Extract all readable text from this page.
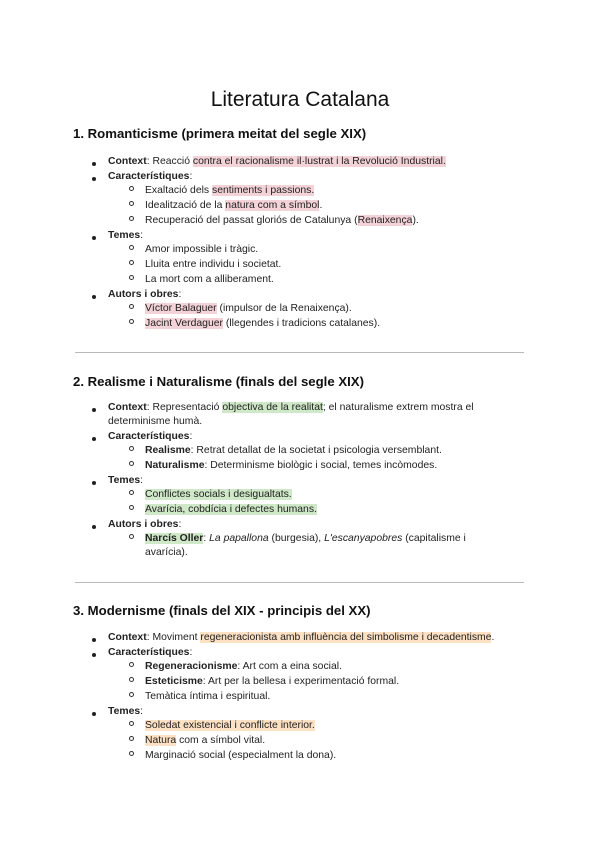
Literatura Catalana
1. Romanticisme (primera meitat del segle XIX)
Context: Reacció contra el racionalisme il·lustrat i la Revolució Industrial.
Característiques:
Exaltació dels sentiments i passions.
Idealització de la natura com a símbol.
Recuperació del passat gloriós de Catalunya (Renaixença).
Temes:
Amor impossible i tràgic.
Lluita entre individu i societat.
La mort com a alliberament.
Autors i obres:
Víctor Balaguer (impulsor de la Renaixença).
Jacint Verdaguer (llegendes i tradicions catalanes).
2. Realisme i Naturalisme (finals del segle XIX)
Context: Representació objectiva de la realitat; el naturalisme extrem mostra el
determinisme humà.
Característiques:
Realisme: Retrat detallat de la societat i psicologia versemblant.
Naturalisme: Determinisme biològic i social, temes incòmodes.
Temes:
Conflictes socials i desigualtats.
Avarícia, cobdícia i defectes humans.
Autors i obres:
Narcís Oller: La papallona (burgesia), L'escanyapobres (capitalisme i
avarícia).
3. Modernisme (finals del XIX - principis del XX)
Context: Moviment regeneracionista amb influència del simbolisme i decadentisme.
Característiques:
Regeneracionisme: Art com a eina social.
Esteticisme: Art per la bellesa i experimentació formal.
Temàtica íntima i espiritual.
Temes:
Soledat existencial i conflicte interior.
Natura com a símbol vital.
Marginació social (especialment la dona).
